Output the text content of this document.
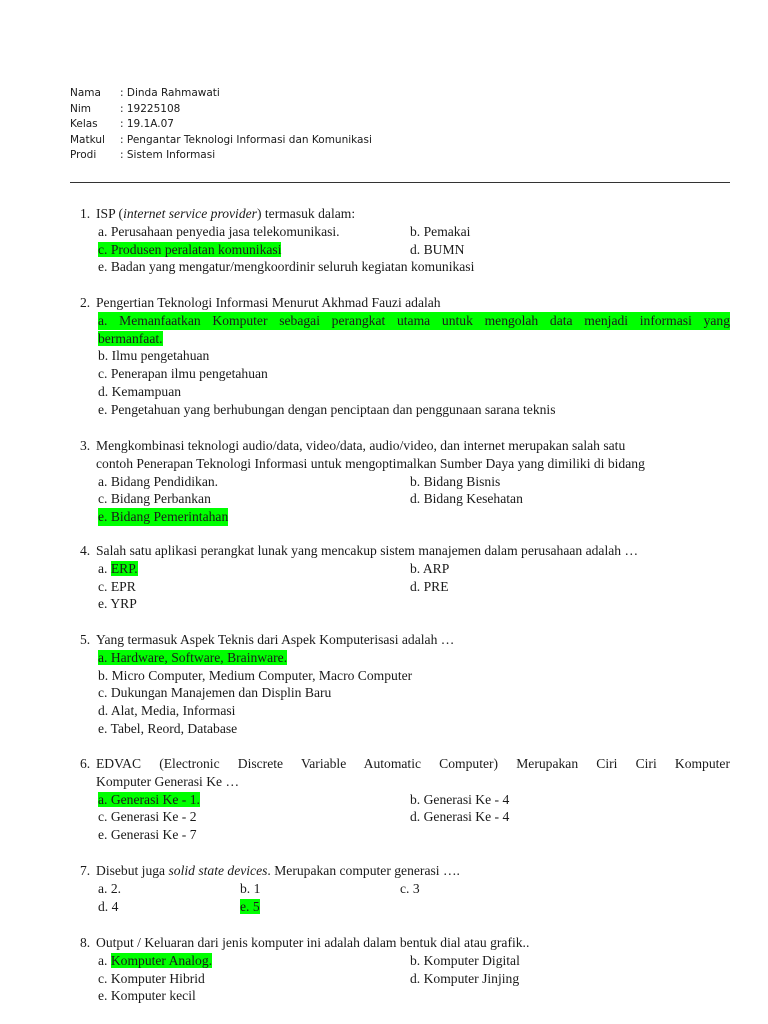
Nama	: Dinda Rahmawati
Nim	: 19225108
Kelas	: 19.1A.07
Matkul	: Pengantar Teknologi Informasi dan Komunikasi
Prodi	: Sistem Informasi
1. ISP (internet service provider) termasuk dalam:
a. Perusahaan penyedia jasa telekomunikasi.	b. Pemakai
c. Produsen peralatan komunikasi	d. BUMN
e. Badan yang mengatur/mengkoordinir seluruh kegiatan komunikasi
2. Pengertian Teknologi Informasi Menurut Akhmad Fauzi adalah
a. Memanfaatkan Komputer sebagai perangkat utama untuk mengolah data menjadi informasi yang
bermanfaat.
b. Ilmu pengetahuan
c. Penerapan ilmu pengetahuan
d. Kemampuan
e. Pengetahuan yang berhubungan dengan penciptaan dan penggunaan sarana teknis
3. Mengkombinasi teknologi audio/data, video/data, audio/video, dan internet merupakan salah satu
contoh Penerapan Teknologi Informasi untuk mengoptimalkan Sumber Daya yang dimiliki di bidang
a. Bidang Pendidikan.	b. Bidang Bisnis
c. Bidang Perbankan	d. Bidang Kesehatan
e. Bidang Pemerintahan
4. Salah satu aplikasi perangkat lunak yang mencakup sistem manajemen dalam perusahaan adalah …
a. ERP.	b. ARP
c. EPR	d. PRE
e. YRP
5. Yang termasuk Aspek Teknis dari Aspek Komputerisasi adalah …
a. Hardware, Software, Brainware.
b. Micro Computer, Medium Computer, Macro Computer
c. Dukungan Manajemen dan Displin Baru
d. Alat, Media, Informasi
e. Tabel, Reord, Database
6. EDVAC (Electronic Discrete Variable Automatic Computer) Merupakan Ciri Ciri Komputer
Komputer Generasi Ke …
a. Generasi Ke - 1.	b. Generasi Ke - 4
c. Generasi Ke - 2	d. Generasi Ke - 4
e. Generasi Ke - 7
7. Disebut juga solid state devices. Merupakan computer generasi ….
a. 2.	b. 1	c. 3
d. 4	e. 5
8. Output / Keluaran dari jenis komputer ini adalah dalam bentuk dial atau grafik..
a. Komputer Analog.	b. Komputer Digital
c. Komputer Hibrid	d. Komputer Jinjing
e. Komputer kecil
